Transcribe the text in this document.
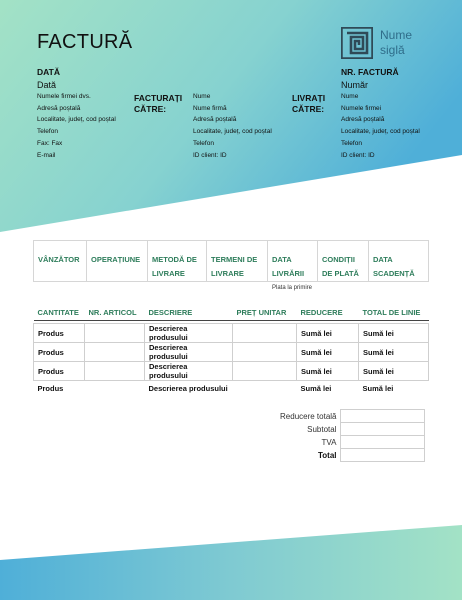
FACTURĂ	Nume
siglă
DATĂ
Dată
Numele firmei dvs.
Adresă poștală
Localitate, județ, cod poștal
Telefon
Fax: Fax
E-mail
FACTURAȚI
CĂTRE:
Nume
Nume firmă
Adresă poștală
Localitate, județ, cod poștal
Telefon
ID client: ID
LIVRAȚI
CĂTRE:
NR. FACTURĂ
Număr
Nume
Numele firmei
Adresă poștală
Localitate, județ, cod poștal
Telefon
ID client: ID
VÂNZĂTOR	OPERAȚIUNE	METODĂ DE LIVRARE	TERMENI DE LIVRARE	DATA LIVRĂRII	CONDIȚII DE PLATĂ	DATA SCADENȚĂ
Plata la primire
CANTITATE	NR. ARTICOL	DESCRIERE	PREȚ UNITAR	REDUCERE	TOTAL DE LINIE

Produs		Descrierea produsului		Sumă lei	Sumă lei
Produs		Descrierea produsului		Sumă lei	Sumă lei
Produs		Descrierea produsului		Sumă lei	Sumă lei
Produs		Descrierea produsului		Sumă lei	Sumă lei
Reducere totală	
Subtotal	
TVA	
Total	
